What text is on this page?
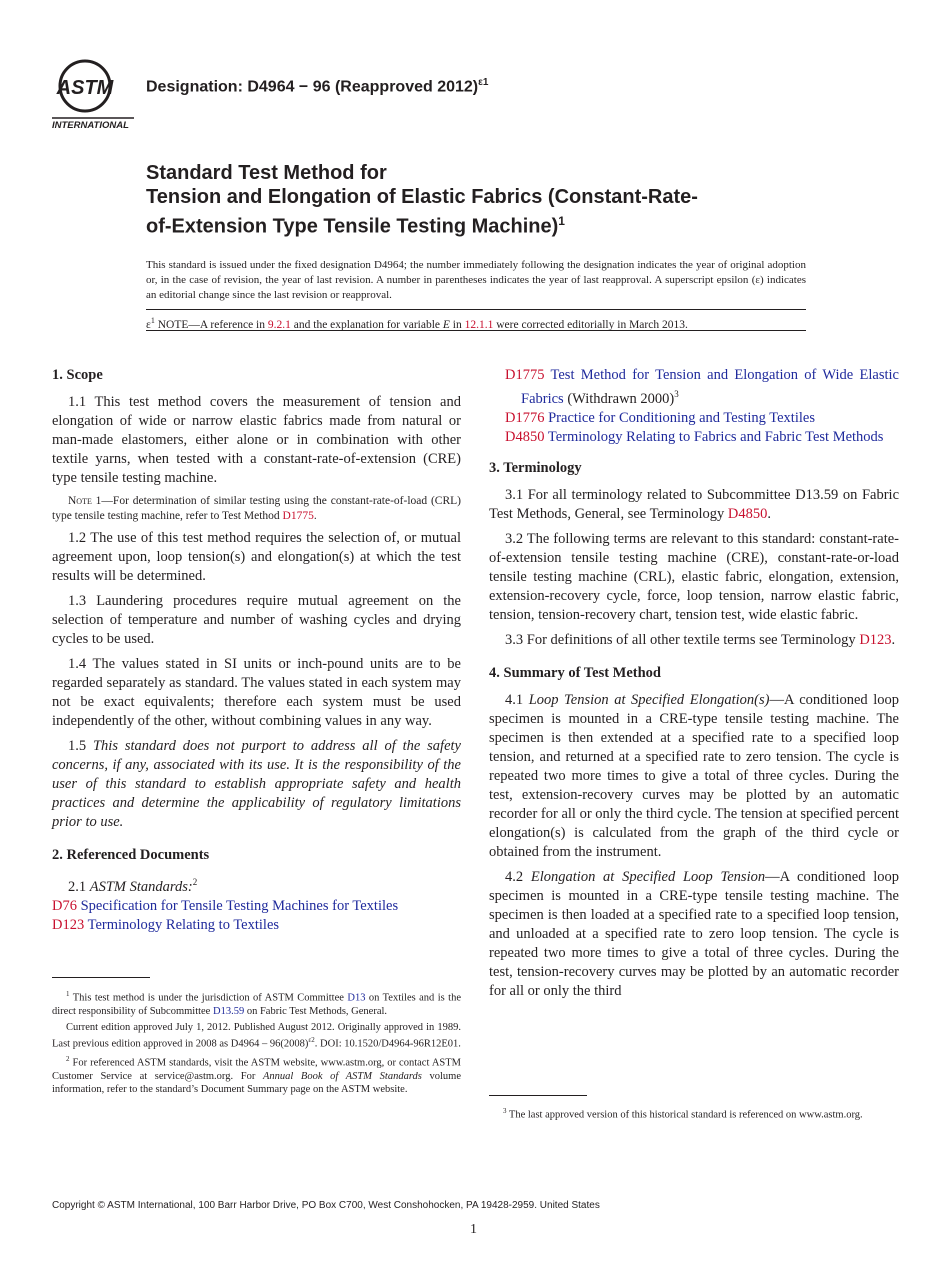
ASTM
INTERNATIONAL
Designation: D4964 − 96 (Reapproved 2012)$^{\varepsilon 1}$
Standard Test Method for
Tension and Elongation of Elastic Fabrics (Constant-Rate-
of-Extension Type Tensile Testing Machine)$^1$
This standard is issued under the fixed designation D4964; the number immediately following the designation indicates the year of original adoption or, in the case of revision, the year of last revision. A number in parentheses indicates the year of last reapproval. A superscript epsilon (ε) indicates an editorial change since the last revision or reapproval.
$\varepsilon^1$ NOTE—A reference in 9.2.1 and the explanation for variable E in 12.1.1 were corrected editorially in March 2013.
1. Scope

1.1 This test method covers the measurement of tension and elongation of wide or narrow elastic fabrics made from natural or man-made elastomers, either alone or in combination with other textile yarns, when tested with a constant-rate-of-extension (CRE) type tensile testing machine.

Note 1—For determination of similar testing using the constant-rate-of-load (CRL) type tensile testing machine, refer to Test Method D1775.

1.2 The use of this test method requires the selection of, or mutual agreement upon, loop tension(s) and elongation(s) at which the test results will be determined.

1.3 Laundering procedures require mutual agreement on the selection of temperature and number of washing cycles and drying cycles to be used.

1.4 The values stated in SI units or inch-pound units are to be regarded separately as standard. The values stated in each system may not be exact equivalents; therefore each system must be used independently of the other, without combining values in any way.

1.5 This standard does not purport to address all of the safety concerns, if any, associated with its use. It is the responsibility of the user of this standard to establish appropriate safety and health practices and determine the applicability of regulatory limitations prior to use.

2. Referenced Documents

2.1 ASTM Standards:$^2$

D76 Specification for Tensile Testing Machines for Textiles
D123 Terminology Relating to Textiles
$^1$ This test method is under the jurisdiction of ASTM Committee D13 on Textiles and is the direct responsibility of Subcommittee D13.59 on Fabric Test Methods, General.
Current edition approved July 1, 2012. Published August 2012. Originally approved in 1989. Last previous edition approved in 2008 as $D4964 - 96(2008)^{\varepsilon 2}$. DOI: 10.1520/D4964-96R12E01.
$^2$ For referenced ASTM standards, visit the ASTM website, www.astm.org, or contact ASTM Customer Service at service@astm.org. For Annual Book of ASTM Standards volume information, refer to the standard’s Document Summary page on the ASTM website.
D1775 Test Method for Tension and Elongation of Wide Elastic Fabrics (Withdrawn 2000)$^3$
D1776 Practice for Conditioning and Testing Textiles
D4850 Terminology Relating to Fabrics and Fabric Test Methods
3. Terminology

3.1 For all terminology related to Subcommittee D13.59 on Fabric Test Methods, General, see Terminology D4850.

3.2 The following terms are relevant to this standard: constant-rate-of-extension tensile testing machine (CRE), constant-rate-or-load tensile testing machine (CRL), elastic fabric, elongation, extension, extension-recovery cycle, force, loop tension, narrow elastic fabric, tension, tension-recovery chart, tension test, wide elastic fabric.

3.3 For definitions of all other textile terms see Terminology D123.

4. Summary of Test Method

4.1 Loop Tension at Specified Elongation(s)—A conditioned loop specimen is mounted in a CRE-type tensile testing machine. The specimen is then extended at a specified rate to a specified loop tension, and returned at a specified rate to zero tension. The cycle is repeated two more times to give a total of three cycles. During the test, extension-recovery curves may be plotted by an automatic recorder for all or only the third cycle. The tension at specified percent elongation(s) is calculated from the graph of the third cycle or obtained from the instrument.

4.2 Elongation at Specified Loop Tension—A conditioned loop specimen is mounted in a CRE-type tensile testing machine. The specimen is then loaded at a specified rate to a specified loop tension, and unloaded at a specified rate to zero loop tension. The cycle is repeated two more times to give a total of three cycles. During the test, tension-recovery curves may be plotted by an automatic recorder for all or only the third

$^3$ The last approved version of this historical standard is referenced on www.astm.org.
Copyright © ASTM International, 100 Barr Harbor Drive, PO Box C700, West Conshohocken, PA 19428-2959. United States
1
